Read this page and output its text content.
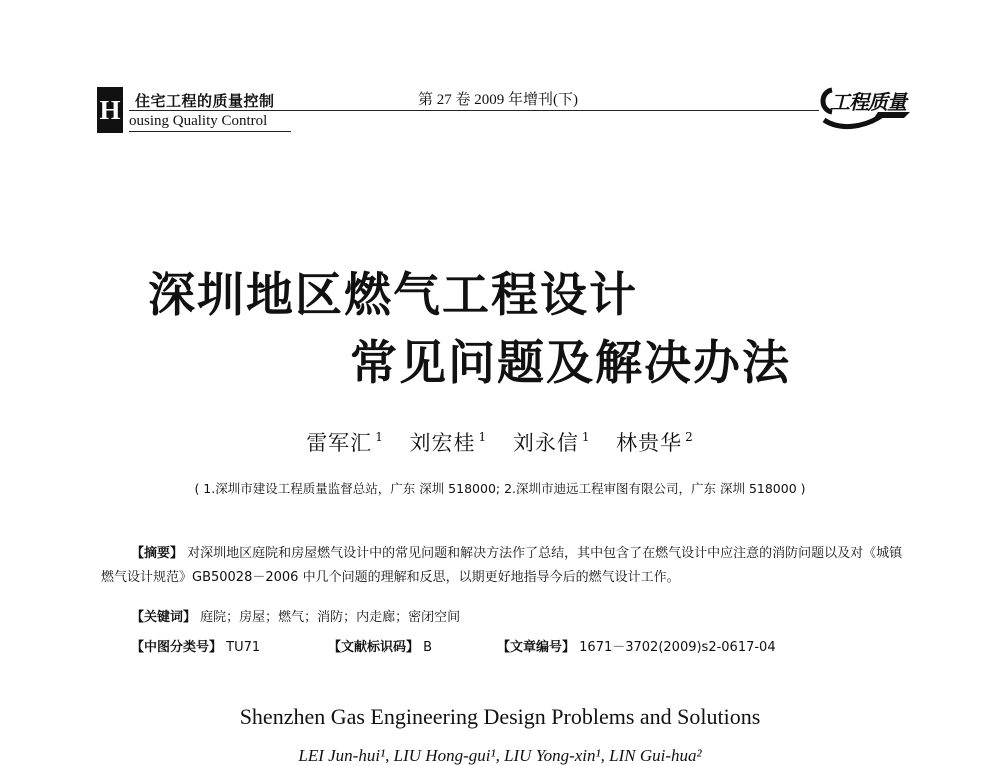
H 住宅工程的质量控制
ousing Quality Control
第 27 卷 2009 年增刊(下)	工程质量
深圳地区燃气工程设计
常见问题及解决办法
雷军汇 $^1$ 刘宏桂 $^1$ 刘永信 $^1$ 林贵华 $^2$
( 1.深圳市建设工程质量监督总站，广东 深圳 518000; 2.深圳市迪远工程审图有限公司，广东 深圳 518000 )
【摘要】 对深圳地区庭院和房屋燃气设计中的常见问题和解决方法作了总结，其中包含了在燃气设计中应注意的消防问题以及对《城镇燃气设计规范》GB50028－2006 中几个问题的理解和反思，以期更好地指导今后的燃气设计工作。
【关键词】 庭院；房屋；燃气；消防；内走廊；密闭空间
【中图分类号】 TU71	【文献标识码】 B	【文章编号】 1671－3702(2009)s2-0617-04
Shenzhen Gas Engineering Design Problems and Solutions
LEI Jun-hui¹, LIU Hong-gui¹, LIU Yong-xin¹, LIN Gui-hua²
